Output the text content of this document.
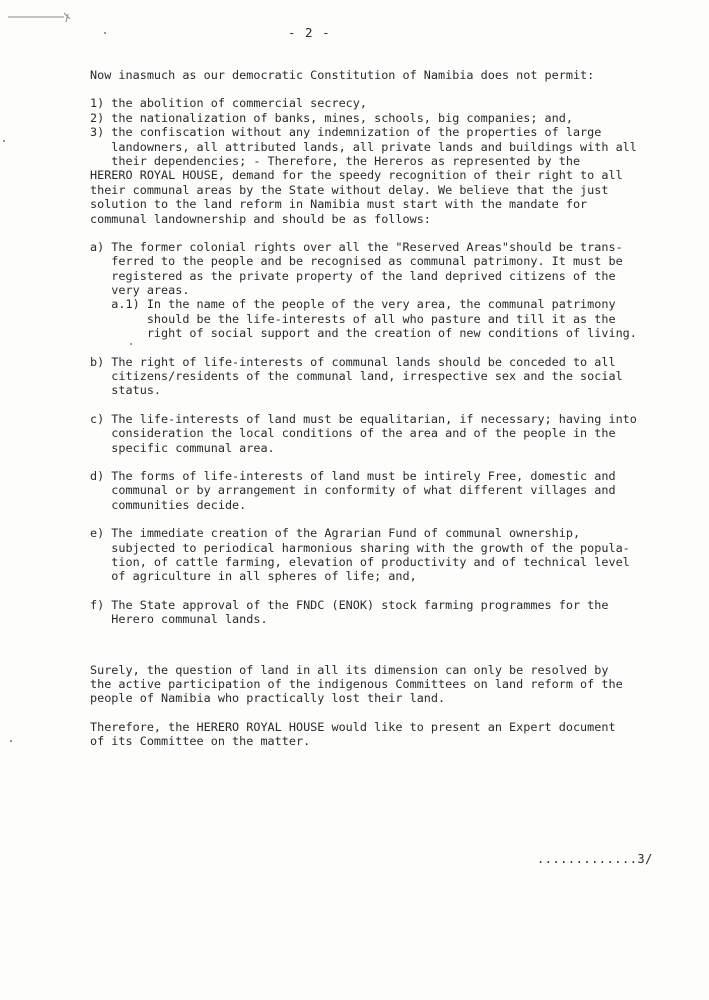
- 2 -
Now inasmuch as our democratic Constitution of Namibia does not permit:
1) the abolition of commercial secrecy,
2) the nationalization of banks, mines, schools, big companies; and,
3) the confiscation without any indemnization of the properties of large
landowners, all attributed lands, all private lands and buildings with all
their dependencies; - Therefore, the Hereros as represented by the
HERERO ROYAL HOUSE, demand for the speedy recognition of their right to all
their communal areas by the State without delay. We believe that the just
solution to the land reform in Namibia must start with the mandate for
communal landownership and should be as follows:
a) The former colonial rights over all the "Reserved Areas"should be trans-
ferred to the people and be recognised as communal patrimony. It must be
registered as the private property of the land deprived citizens of the
very areas.
a.1) In the name of the people of the very area, the communal patrimony
should be the life-interests of all who pasture and till it as the
right of social support and the creation of new conditions of living.
b) The right of life-interests of communal lands should be conceded to all
citizens/residents of the communal land, irrespective sex and the social
status.
c) The life-interests of land must be equalitarian, if necessary; having into
consideration the local conditions of the area and of the people in the
specific communal area.
d) The forms of life-interests of land must be intirely Free, domestic and
communal or by arrangement in conformity of what different villages and
communities decide.
e) The immediate creation of the Agrarian Fund of communal ownership,
subjected to periodical harmonious sharing with the growth of the popula-
tion, of cattle farming, elevation of productivity and of technical level
of agriculture in all spheres of life; and,
f) The State approval of the FNDC (ENOK) stock farming programmes for the
Herero communal lands.
Surely, the question of land in all its dimension can only be resolved by
the active participation of the indigenous Committees on land reform of the
people of Namibia who practically lost their land.
Therefore, the HERERO ROYAL HOUSE would like to present an Expert document
of its Committee on the matter.
.............3/
